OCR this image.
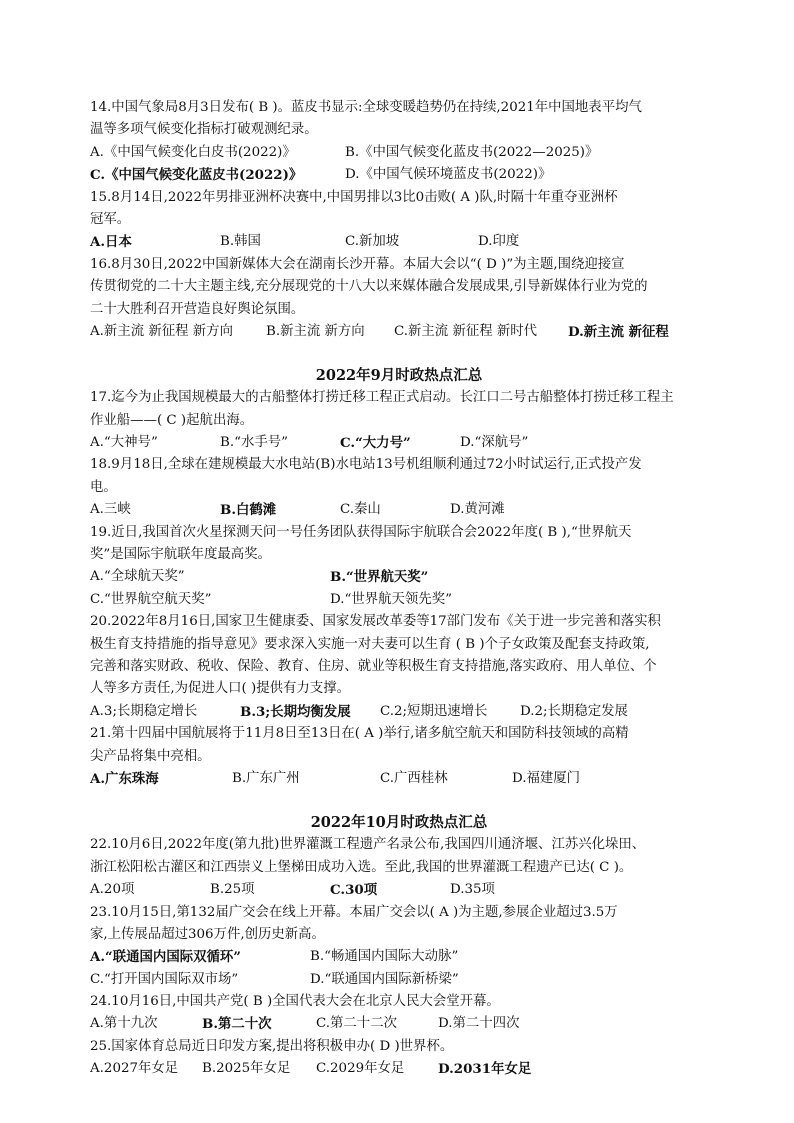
14.中国气象局8月3日发布( B )。蓝皮书显示:全球变暖趋势仍在持续,2021年中国地表平均气
温等多项气候变化指标打破观测纪录。
A.《中国气候变化白皮书(2022)》	B.《中国气候变化蓝皮书(2022—2025)》
C.《中国气候变化蓝皮书(2022)》	D.《中国气候环境蓝皮书(2022)》
15.8月14日,2022年男排亚洲杯决赛中,中国男排以3比0击败( A )队,时隔十年重夺亚洲杯
冠军。
A.日本	B.韩国	C.新加坡	D.印度
16.8月30日,2022中国新媒体大会在湖南长沙开幕。本届大会以“( D )”为主题,围绕迎接宣
传贯彻党的二十大主题主线,充分展现党的十八大以来媒体融合发展成果,引导新媒体行业为党的
二十大胜利召开营造良好舆论氛围。
A.新主流 新征程 新方向 B.新主流 新方向 C.新主流 新征程 新时代 D.新主流 新征程
2022年9月时政热点汇总
17.迄今为止我国规模最大的古船整体打捞迁移工程正式启动。长江口二号古船整体打捞迁移工程主
作业船——( C )起航出海。
A.“大神号”	B.“水手号”	C.“大力号”	D.“深航号”
18.9月18日,全球在建规模最大水电站(B)水电站13号机组顺利通过72小时试运行,正式投产发
电。
A.三峡	B.白鹤滩	C.秦山	D.黄河滩
19.近日,我国首次火星探测天问一号任务团队获得国际宇航联合会2022年度( B ),“世界航天
奖”是国际宇航联年度最高奖。
A.“全球航天奖”	B.“世界航天奖”
C.“世界航空航天奖”	D.“世界航天领先奖”
20.2022年8月16日,国家卫生健康委、国家发展改革委等17部门发布《关于进一步完善和落实积
极生育支持措施的指导意见》要求深入实施一对夫妻可以生育 ( B )个子女政策及配套支持政策,
完善和落实财政、税收、保险、教育、住房、就业等积极生育支持措施,落实政府、用人单位、个
人等多方责任,为促进人口( )提供有力支撑。
A.3;长期稳定增长	B.3;长期均衡发展 C.2;短期迅速增长 D.2;长期稳定发展
21.第十四届中国航展将于11月8日至13日在( A )举行,诸多航空航天和国防科技领域的高精
尖产品将集中亮相。
A.广东珠海	B.广东广州	C.广西桂林	D.福建厦门
2022年10月时政热点汇总
22.10月6日,2022年度(第九批)世界灌溉工程遗产名录公布,我国四川通济堰、江苏兴化垛田、
浙江松阳松古灌区和江西崇义上堡梯田成功入选。至此,我国的世界灌溉工程遗产已达( C )。
A.20项	B.25项	C.30项	D.35项
23.10月15日,第132届广交会在线上开幕。本届广交会以( A )为主题,参展企业超过3.5万
家,上传展品超过306万件,创历史新高。
A.“联通国内国际双循环”	B.“畅通国内国际大动脉”
C.“打开国内国际双市场”	D.“联通国内国际新桥梁”
24.10月16日,中国共产党( B )全国代表大会在北京人民大会堂开幕。
A.第十九次	B.第二十次	C.第二十二次	D.第二十四次
25.国家体育总局近日印发方案,提出将积极申办( D )世界杯。
A.2027年女足 B.2025年女足 C.2029年女足	D.2031年女足
